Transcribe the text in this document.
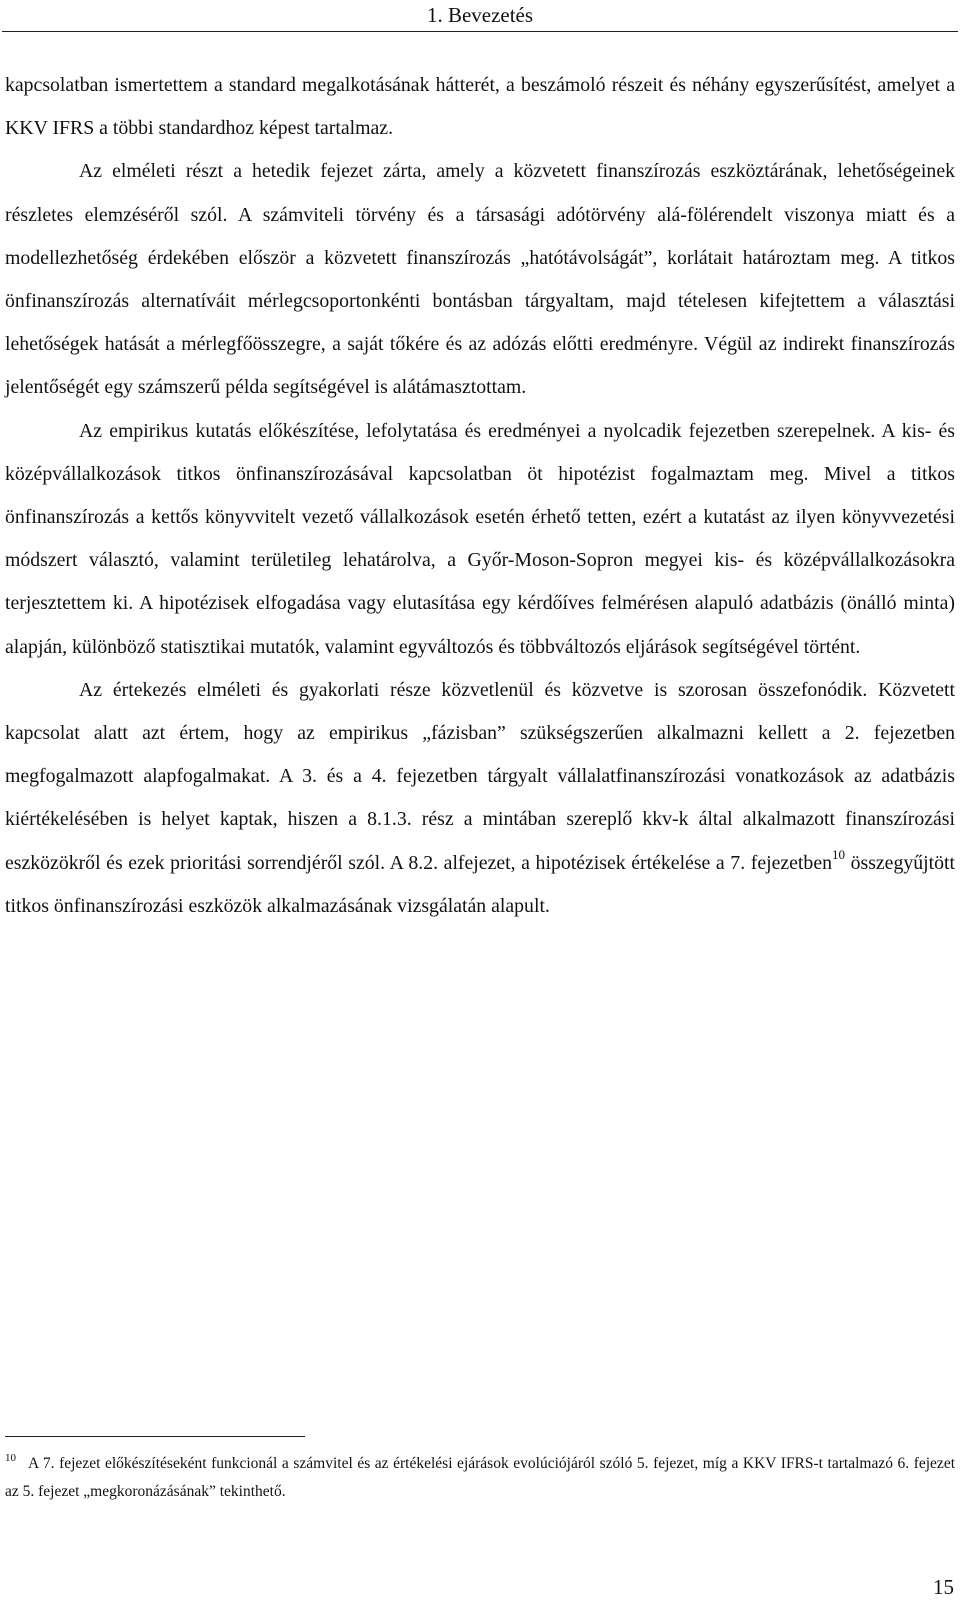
1. Bevezetés

kapcsolatban ismertettem a standard megalkotásának hátterét, a beszámoló részeit és néhány egyszerűsítést, amelyet a KKV IFRS a többi standardhoz képest tartalmaz.

Az elméleti részt a hetedik fejezet zárta, amely a közvetett finanszírozás eszköztárának, lehetőségeinek részletes elemzéséről szól. A számviteli törvény és a társasági adótörvény alá-fölérendelt viszonya miatt és a modellezhetőség érdekében először a közvetett finanszírozás „hatótávolságát”, korlátait határoztam meg. A titkos önfinanszírozás alternatíváit mérlegcsoportonkénti bontásban tárgyaltam, majd tételesen kifejtettem a választási lehetőségek hatását a mérlegfőösszegre, a saját tőkére és az adózás előtti eredményre. Végül az indirekt finanszírozás jelentőségét egy számszerű példa segítségével is alátámasztottam.

Az empirikus kutatás előkészítése, lefolytatása és eredményei a nyolcadik fejezetben szerepelnek. A kis- és középvállalkozások titkos önfinanszírozásával kapcsolatban öt hipotézist fogalmaztam meg. Mivel a titkos önfinanszírozás a kettős könyvvitelt vezető vállalkozások esetén érhető tetten, ezért a kutatást az ilyen könyvvezetési módszert választó, valamint területileg lehatárolva, a Győr-Moson-Sopron megyei kis- és középvállalkozásokra terjesztettem ki. A hipotézisek elfogadása vagy elutasítása egy kérdőíves felmérésen alapuló adatbázis (önálló minta) alapján, különböző statisztikai mutatók, valamint egyváltozós és többváltozós eljárások segítségével történt.

Az értekezés elméleti és gyakorlati része közvetlenül és közvetve is szorosan összefonódik. Közvetett kapcsolat alatt azt értem, hogy az empirikus „fázisban” szükségszerűen alkalmazni kellett a 2. fejezetben megfogalmazott alapfogalmakat. A 3. és a 4. fejezetben tárgyalt vállalatfinanszírozási vonatkozások az adatbázis kiértékelésében is helyet kaptak, hiszen a 8.1.3. rész a mintában szereplő kkv-k által alkalmazott finanszírozási eszközökről és ezek prioritási sorrendjéről szól. A 8.2. alfejezet, a hipotézisek értékelése a 7. fejezetben$^{10}$ összegyűjtött titkos önfinanszírozási eszközök alkalmazásának vizsgálatán alapult.

$^{10}$ A 7. fejezet előkészítéseként funkcionál a számvitel és az értékelési ejárások evolúciójáról szóló 5. fejezet, míg a KKV IFRS-t tartalmazó 6. fejezet az 5. fejezet „megkoronázásának” tekinthető.
15
